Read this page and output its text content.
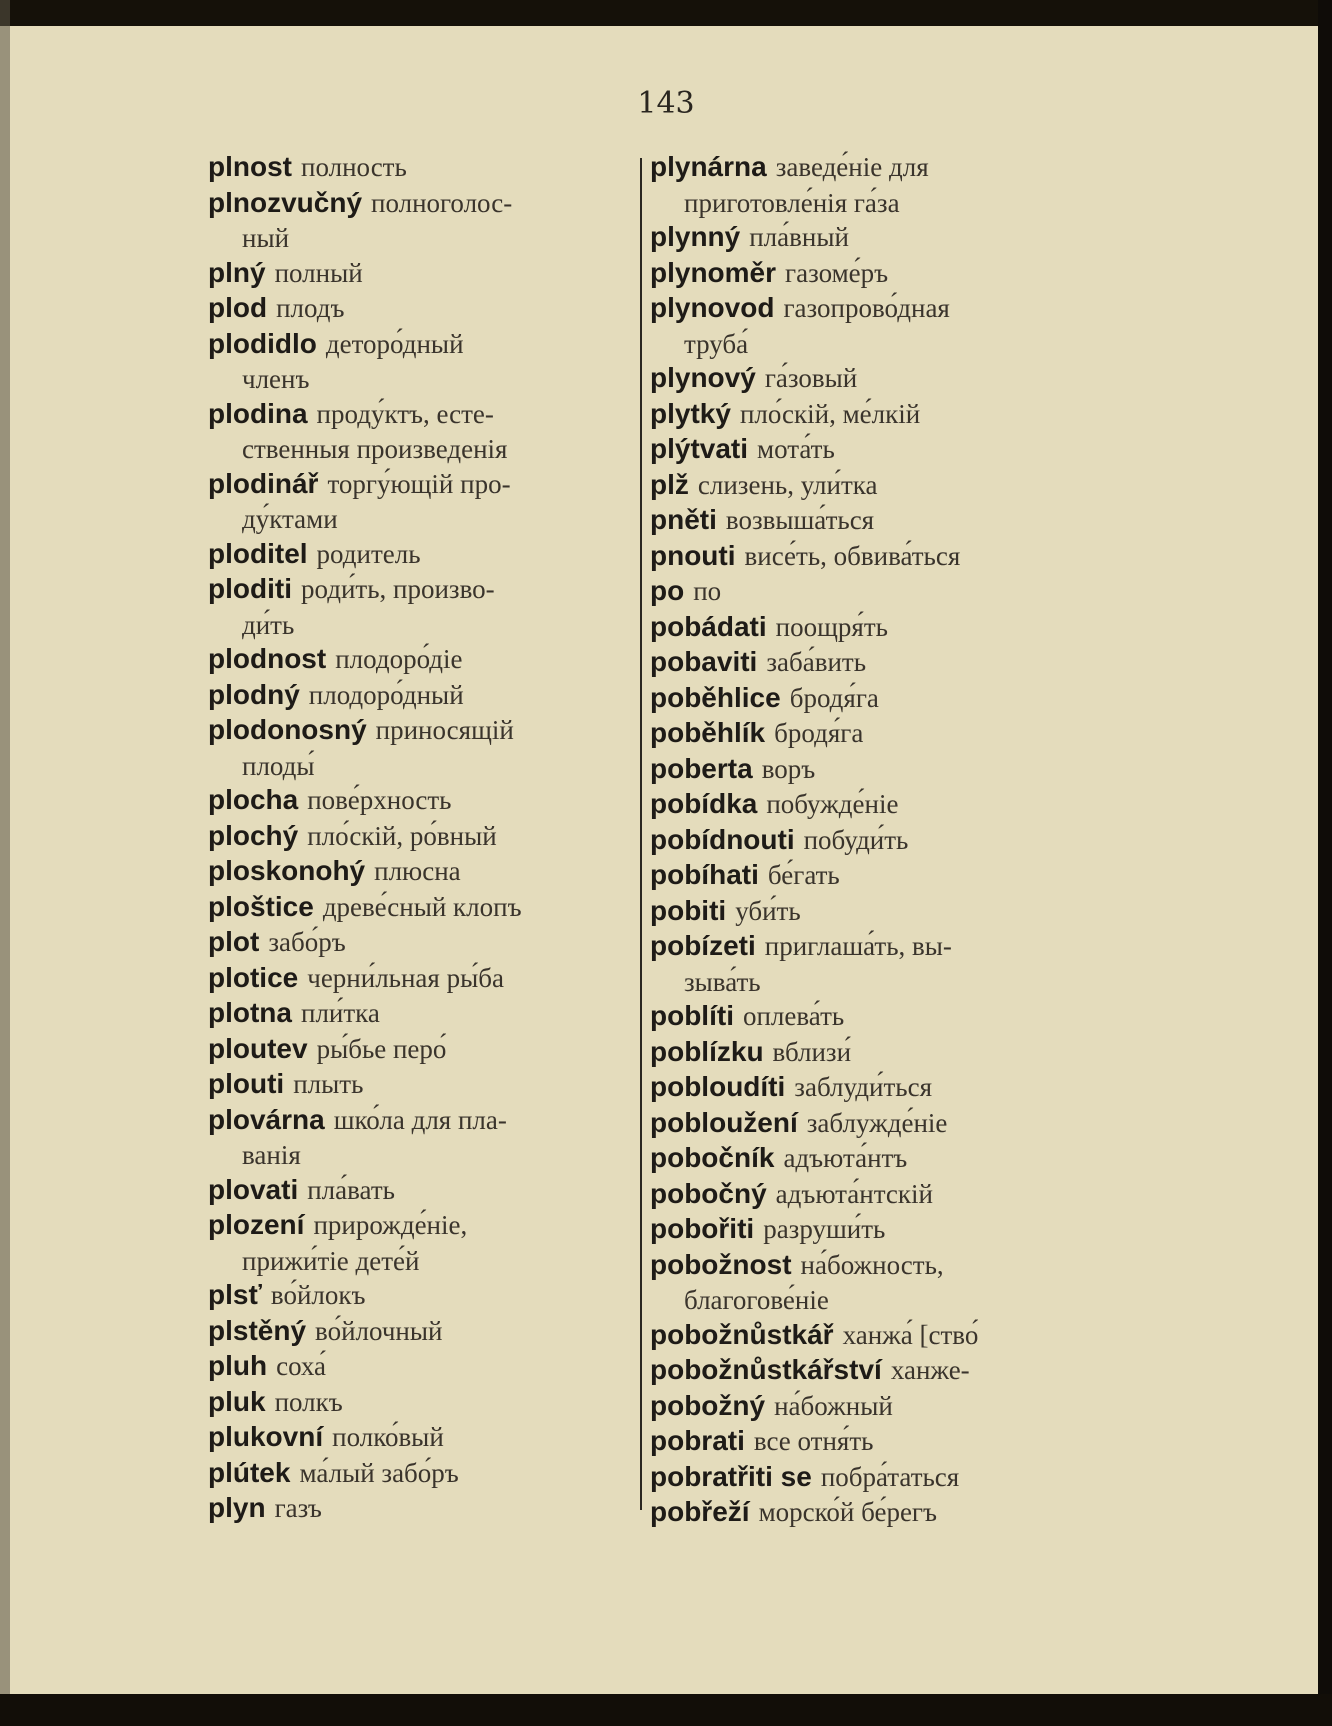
143
plnost полность
plnozvučný полноголос-
ный
plný полный
plod плодъ
plodidlo деторо́дный
членъ
plodina проду́ктъ, есте-
ственныя произведенія
plodinář торгу́ющій про-
ду́ктами
ploditel родитель
ploditi роди́ть, произво-
ди́ть
plodnost плодоро́діе
plodný плодоро́дный
plodonosný приносящій
плоды́
plocha пове́рхность
plochý пло́скій, ро́вный
ploskonohý плюсна
ploštice древе́сный клопъ
plot забо́ръ
plotice черни́льная ры́ба
plotna пли́тка
ploutev ры́бье перо́
plouti плыть
plovárna шко́ла для пла-
ванія
plovati пла́вать
plození прирожде́ніе,
прижи́тіе дете́й
plsť во́йлокъ
plstěný во́йлочный
pluh соха́
pluk полкъ
plukovní полко́вый
plútek ма́лый забо́ръ
plyn газъ
plynárna заведе́ніе для
приготовле́нія га́за
plynný пла́вный
plynoměr газоме́ръ
plynovod газопрово́дная
труба́
plynový га́зовый
plytký пло́скій, ме́лкій
plýtvati мота́ть
plž слизень, ули́тка
pněti возвыша́ться
pnouti висе́ть, обвива́ться
po по
pobádati поощря́ть
pobaviti заба́вить
poběhlice бродя́га
poběhlík бродя́га
poberta воръ
pobídka побужде́ніе
pobídnouti побуди́ть
pobíhati бе́гать
pobiti уби́ть
pobízeti приглаша́ть, вы-
зыва́ть
poblíti оплева́ть
poblízku вблизи́
pobloudíti заблуди́ться
pobloužení заблужде́ніе
pobočník адъюта́нтъ
pobočný адъюта́нтскій
pobořiti разруши́ть
pobožnost на́божность,
благогове́ніе
pobožnůstkář ханжа́ [ство́
pobožnůstkářství ханже-
pobožný на́божный
pobrati все отня́ть
pobratřiti se побра́таться
pobřeží морско́й бе́регъ
